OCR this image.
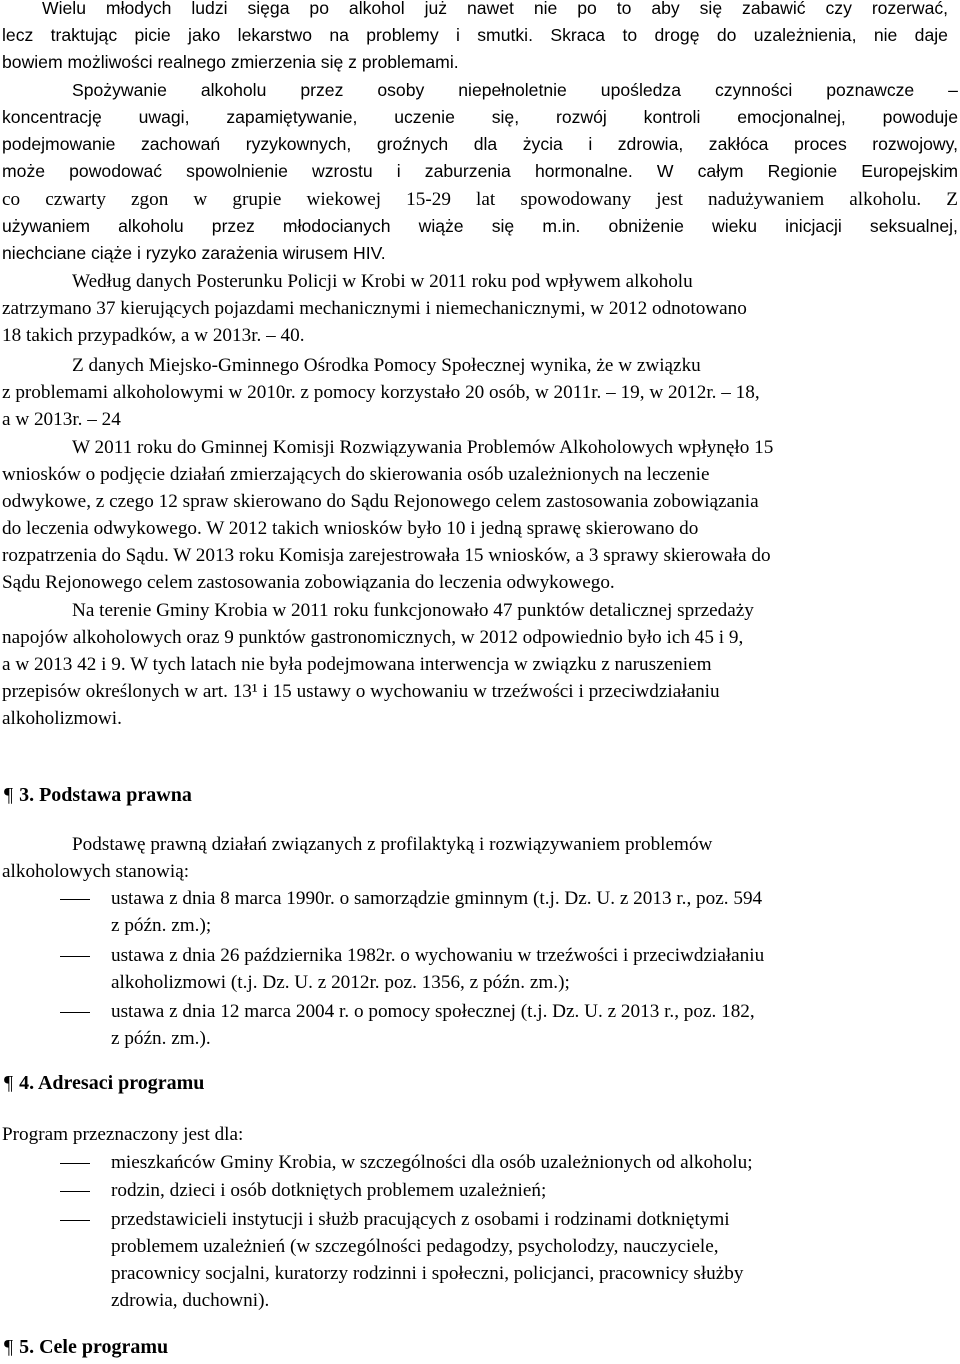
Wielu młodych ludzi sięga po alkohol już nawet nie po to aby się zabawić czy rozerwać,
lecz traktując picie jako lekarstwo na problemy i smutki. Skraca to drogę do uzależnienia, nie daje
bowiem możliwości realnego zmierzenia się z problemami.
Spożywanie alkoholu przez osoby niepełnoletnie upośledza czynności poznawcze –
koncentrację uwagi, zapamiętywanie, uczenie się, rozwój kontroli emocjonalnej, powoduje
podejmowanie zachowań ryzykownych, groźnych dla życia i zdrowia, zakłóca proces rozwojowy,
może powodować spowolnienie wzrostu i zaburzenia hormonalne. W całym Regionie Europejskim
co czwarty zgon w grupie wiekowej 15-29 lat spowodowany jest nadużywaniem alkoholu. Z
używaniem alkoholu przez młodocianych wiąże się m.in. obniżenie wieku inicjacji seksualnej,
niechciane ciąże i ryzyko zarażenia wirusem HIV.
Według danych Posterunku Policji w Krobi w 2011 roku pod wpływem alkoholu
zatrzymano 37 kierujących pojazdami mechanicznymi i niemechanicznymi, w 2012 odnotowano
18 takich przypadków, a w 2013r. – 40.
Z danych Miejsko-Gminnego Ośrodka Pomocy Społecznej wynika, że w związku
z problemami alkoholowymi w 2010r. z pomocy korzystało 20 osób, w 2011r. – 19, w 2012r. – 18,
a w 2013r. – 24
W 2011 roku do Gminnej Komisji Rozwiązywania Problemów Alkoholowych wpłynęło 15
wniosków o podjęcie działań zmierzających do skierowania osób uzależnionych na leczenie
odwykowe, z czego 12 spraw skierowano do Sądu Rejonowego celem zastosowania zobowiązania
do leczenia odwykowego. W 2012 takich wniosków było 10 i jedną sprawę skierowano do
rozpatrzenia do Sądu. W 2013 roku Komisja zarejestrowała 15 wniosków, a 3 sprawy skierowała do
Sądu Rejonowego celem zastosowania zobowiązania do leczenia odwykowego.
Na terenie Gminy Krobia w 2011 roku funkcjonowało 47 punktów detalicznej sprzedaży
napojów alkoholowych oraz 9 punktów gastronomicznych, w 2012 odpowiednio było ich 45 i 9,
a w 2013 42 i 9. W tych latach nie była podejmowana interwencja w związku z naruszeniem
przepisów określonych w art. 13¹ i 15 ustawy o wychowaniu w trzeźwości i przeciwdziałaniu
alkoholizmowi.
¶ 3. Podstawa prawna
Podstawę prawną działań związanych z profilaktyką i rozwiązywaniem problemów
alkoholowych stanowią:
ustawa z dnia 8 marca 1990r. o samorządzie gminnym (t.j. Dz. U. z 2013 r., poz. 594
z późn. zm.);
ustawa z dnia 26 października 1982r. o wychowaniu w trzeźwości i przeciwdziałaniu
alkoholizmowi (t.j. Dz. U. z 2012r. poz. 1356, z późn. zm.);
ustawa z dnia 12 marca 2004 r. o pomocy społecznej (t.j. Dz. U. z 2013 r., poz. 182,
z późn. zm.).
¶ 4. Adresaci programu
Program przeznaczony jest dla:
mieszkańców Gminy Krobia, w szczególności dla osób uzależnionych od alkoholu;
rodzin, dzieci i osób dotkniętych problemem uzależnień;
przedstawicieli instytucji i służb pracujących z osobami i rodzinami dotkniętymi
problemem uzależnień (w szczególności pedagodzy, psycholodzy, nauczyciele,
pracownicy socjalni, kuratorzy rodzinni i społeczni, policjanci, pracownicy służby
zdrowia, duchowni).
¶ 5. Cele programu
